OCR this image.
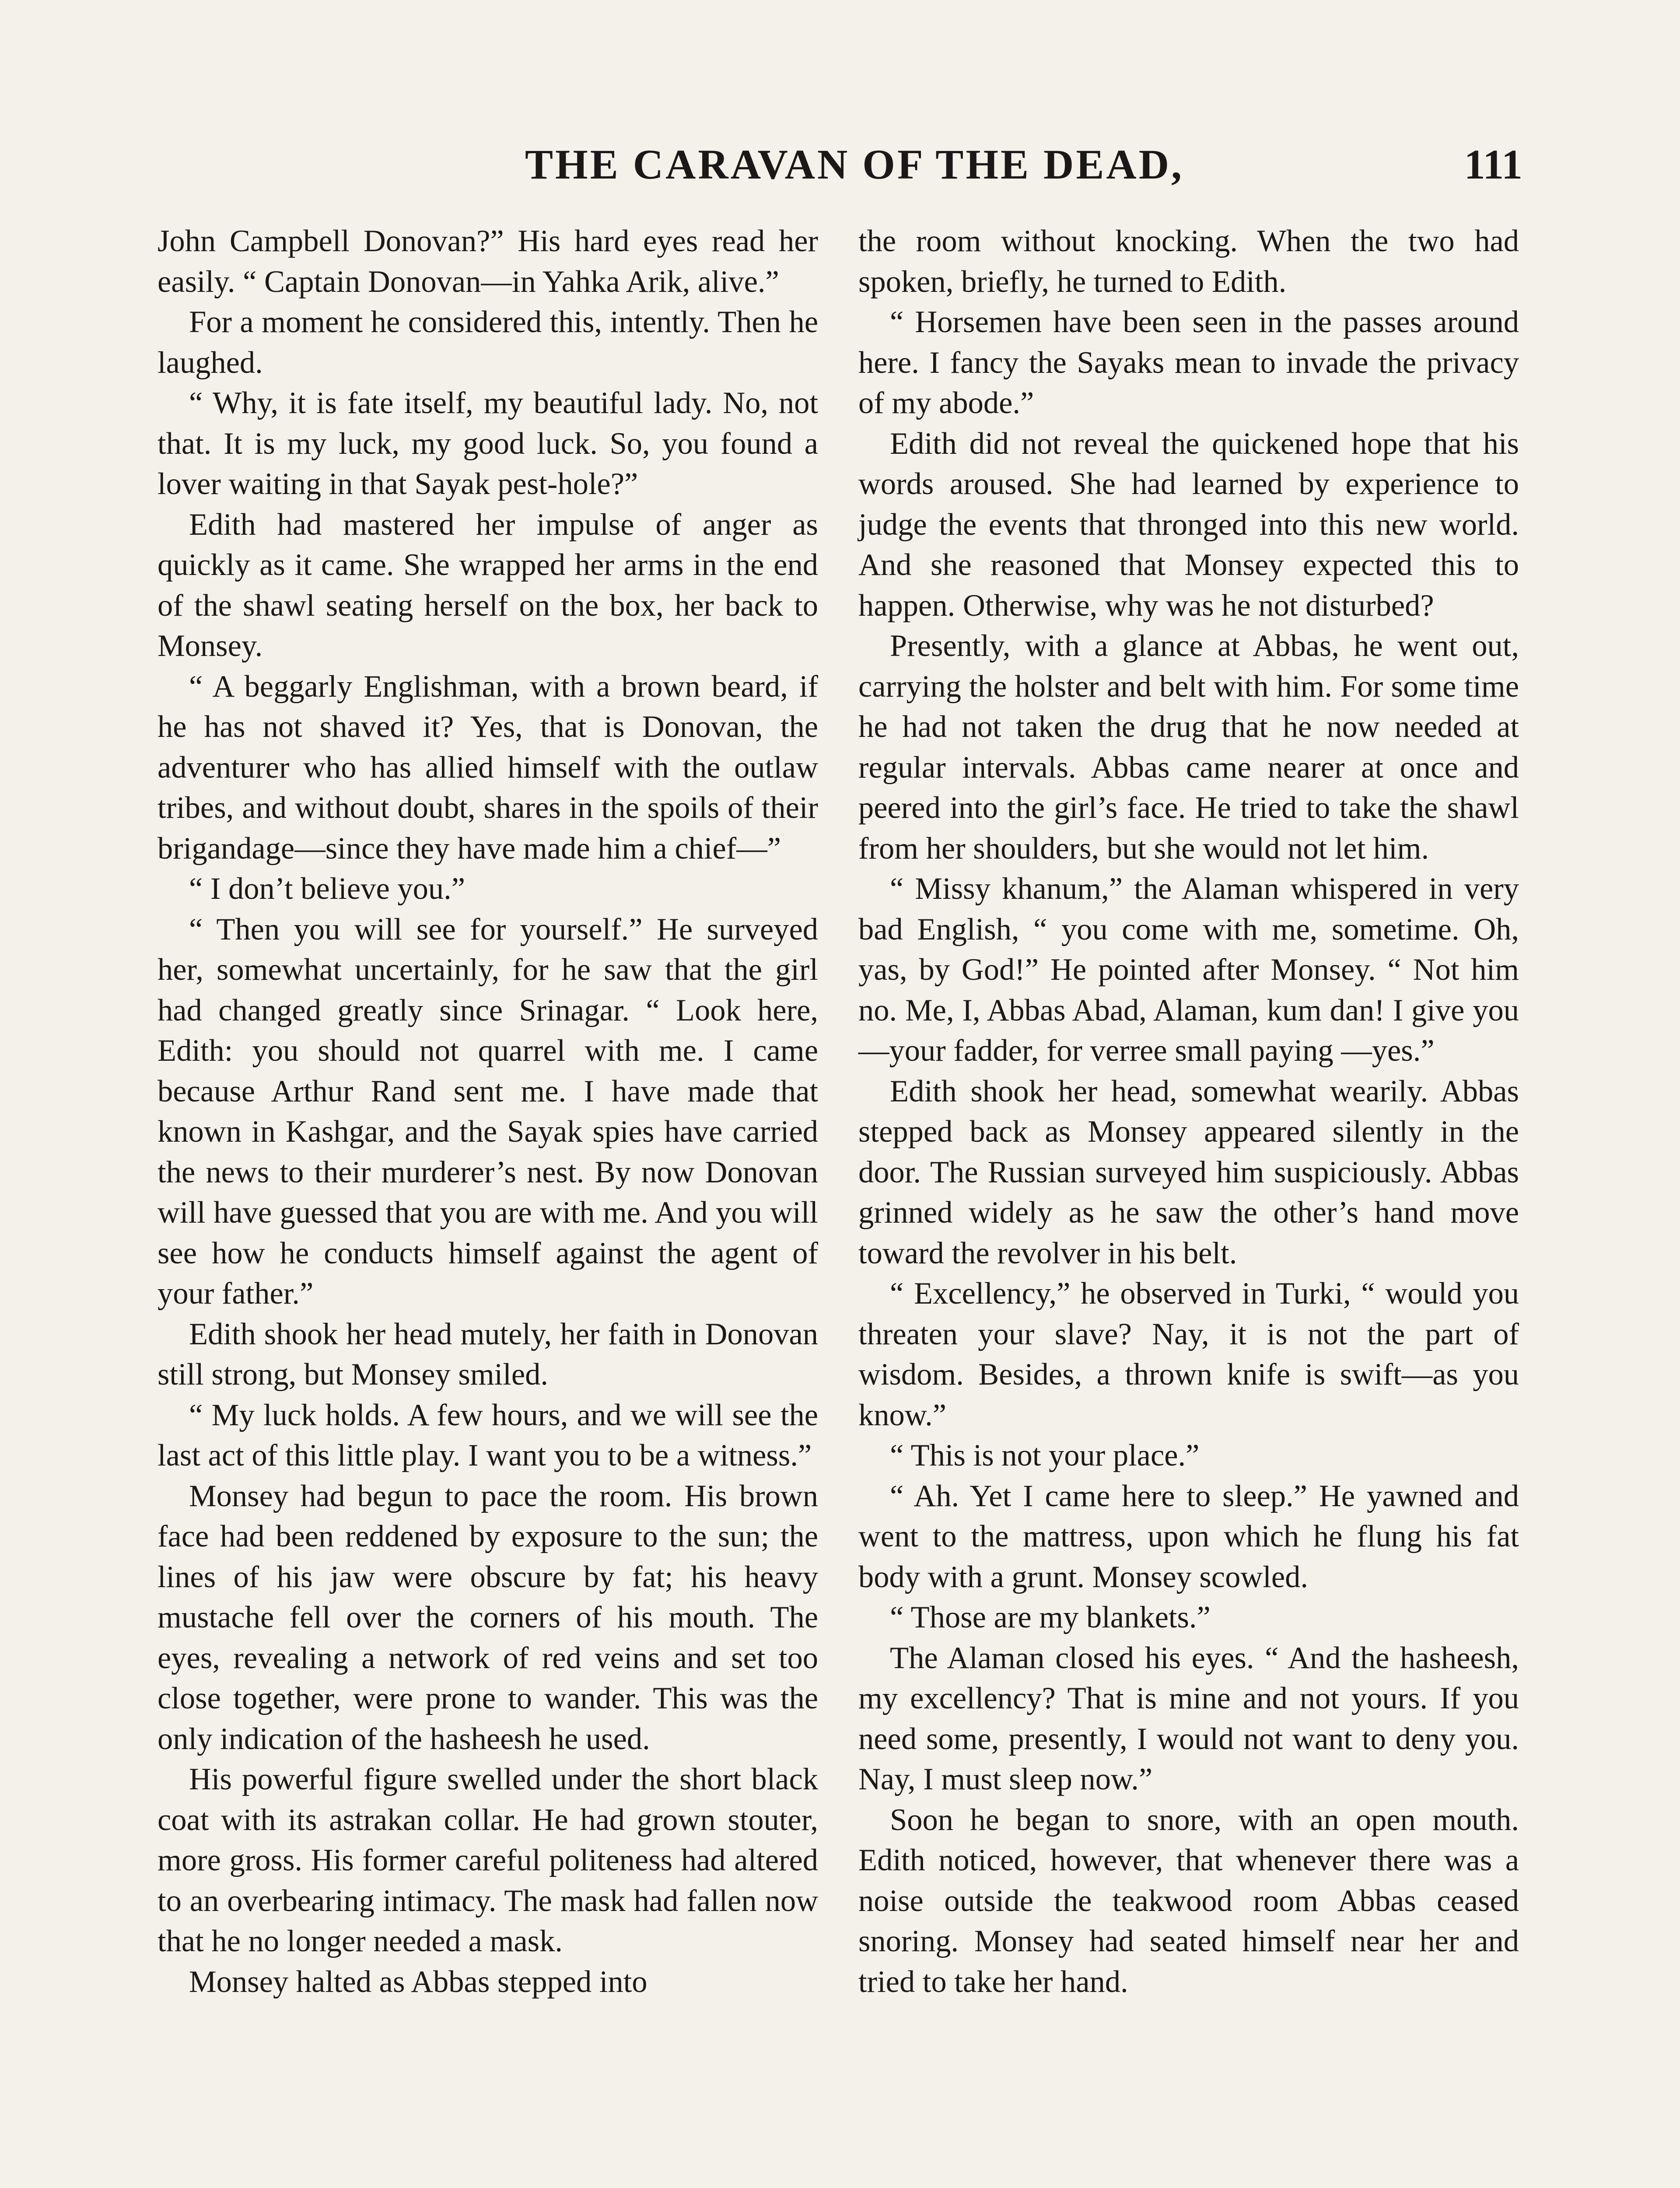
THE CARAVAN OF THE DEAD,	111

John Campbell Donovan?” His hard eyes read her easily. “ Captain Donovan—in Yahka Arik, alive.”

For a moment he considered this, intently. Then he laughed.

“ Why, it is fate itself, my beautiful lady. No, not that. It is my luck, my good luck. So, you found a lover waiting in that Sayak pest-hole?”

Edith had mastered her impulse of anger as quickly as it came. She wrapped her arms in the end of the shawl seating herself on the box, her back to Monsey.

“ A beggarly Englishman, with a brown beard, if he has not shaved it? Yes, that is Donovan, the adventurer who has allied himself with the outlaw tribes, and without doubt, shares in the spoils of their brigandage—since they have made him a chief—”

“ I don’t believe you.”

“ Then you will see for yourself.” He surveyed her, somewhat uncertainly, for he saw that the girl had changed greatly since Srinagar. “ Look here, Edith: you should not quarrel with me. I came because Arthur Rand sent me. I have made that known in Kashgar, and the Sayak spies have carried the news to their murderer’s nest. By now Donovan will have guessed that you are with me. And you will see how he conducts himself against the agent of your father.”

Edith shook her head mutely, her faith in Donovan still strong, but Monsey smiled.

“ My luck holds. A few hours, and we will see the last act of this little play. I want you to be a witness.”

Monsey had begun to pace the room. His brown face had been reddened by exposure to the sun; the lines of his jaw were obscure by fat; his heavy mustache fell over the corners of his mouth. The eyes, revealing a network of red veins and set too close together, were prone to wander. This was the only indication of the hasheesh he used.

His powerful figure swelled under the short black coat with its astrakan collar. He had grown stouter, more gross. His former careful politeness had altered to an overbearing intimacy. The mask had fallen now that he no longer needed a mask.

Monsey halted as Abbas stepped into

the room without knocking. When the two had spoken, briefly, he turned to Edith.

“ Horsemen have been seen in the passes around here. I fancy the Sayaks mean to invade the privacy of my abode.”

Edith did not reveal the quickened hope that his words aroused. She had learned by experience to judge the events that thronged into this new world. And she reasoned that Monsey expected this to happen. Otherwise, why was he not disturbed?

Presently, with a glance at Abbas, he went out, carrying the holster and belt with him. For some time he had not taken the drug that he now needed at regular intervals. Abbas came nearer at once and peered into the girl’s face. He tried to take the shawl from her shoulders, but she would not let him.

“ Missy khanum,” the Alaman whispered in very bad English, “ you come with me, sometime. Oh, yas, by God!” He pointed after Monsey. “ Not him no. Me, I, Abbas Abad, Alaman, kum dan! I give you—your fadder, for verree small paying —yes.”

Edith shook her head, somewhat wearily. Abbas stepped back as Monsey appeared silently in the door. The Russian surveyed him suspiciously. Abbas grinned widely as he saw the other’s hand move toward the revolver in his belt.

“ Excellency,” he observed in Turki, “ would you threaten your slave? Nay, it is not the part of wisdom. Besides, a thrown knife is swift—as you know.”

“ This is not your place.”

“ Ah. Yet I came here to sleep.” He yawned and went to the mattress, upon which he flung his fat body with a grunt. Monsey scowled.

“ Those are my blankets.”

The Alaman closed his eyes. “ And the hasheesh, my excellency? That is mine and not yours. If you need some, presently, I would not want to deny you. Nay, I must sleep now.”

Soon he began to snore, with an open mouth. Edith noticed, however, that whenever there was a noise outside the teakwood room Abbas ceased snoring. Monsey had seated himself near her and tried to take her hand.
